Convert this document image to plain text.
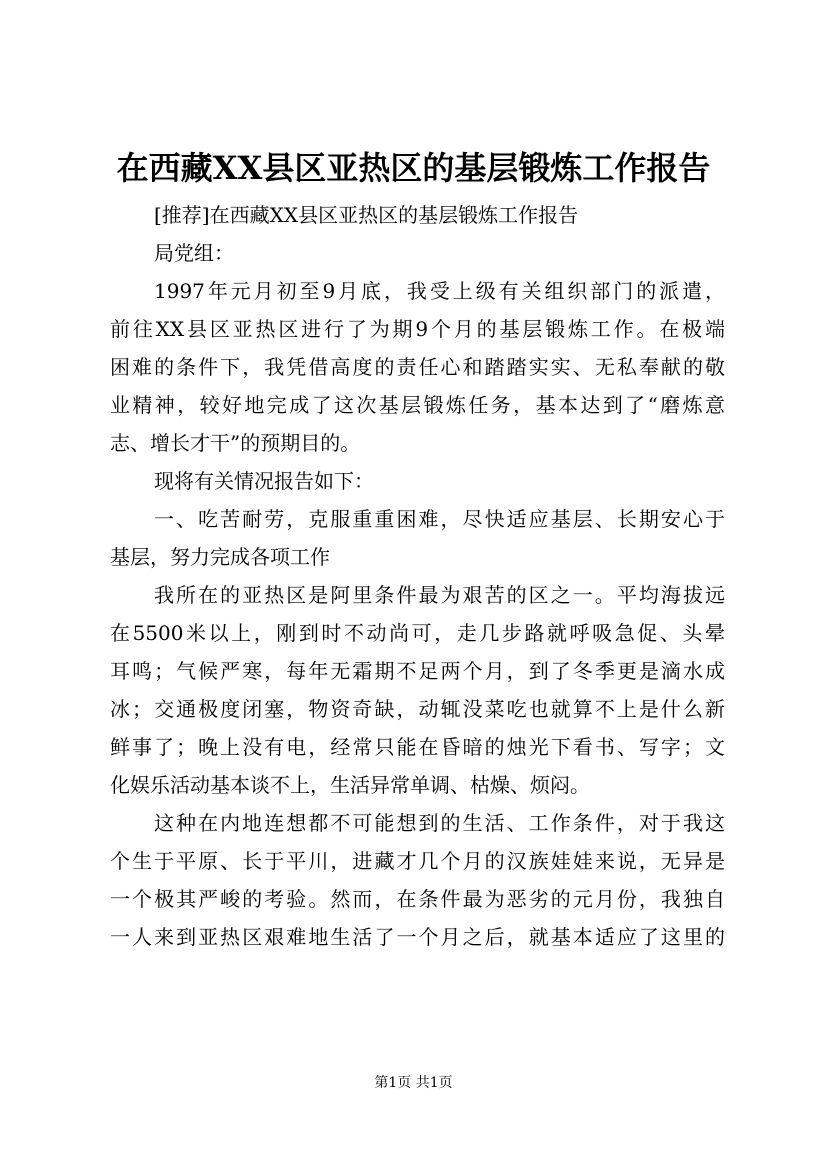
在西藏XX县区亚热区的基层锻炼工作报告
[推荐]在西藏XX县区亚热区的基层锻炼工作报告
局党组：
1997年元月初至9月底，我受上级有关组织部门的派遣，
前往XX县区亚热区进行了为期9个月的基层锻炼工作。在极端
困难的条件下，我凭借高度的责任心和踏踏实实、无私奉献的敬
业精神，较好地完成了这次基层锻炼任务，基本达到了“磨炼意
志、增长才干”的预期目的。
现将有关情况报告如下：
一、吃苦耐劳，克服重重困难，尽快适应基层、长期安心于
基层，努力完成各项工作
我所在的亚热区是阿里条件最为艰苦的区之一。平均海拔远
在5500米以上，刚到时不动尚可，走几步路就呼吸急促、头晕
耳鸣；气候严寒，每年无霜期不足两个月，到了冬季更是滴水成
冰；交通极度闭塞，物资奇缺，动辄没菜吃也就算不上是什么新
鲜事了；晚上没有电，经常只能在昏暗的烛光下看书、写字；文
化娱乐活动基本谈不上，生活异常单调、枯燥、烦闷。
这种在内地连想都不可能想到的生活、工作条件，对于我这
个生于平原、长于平川，进藏才几个月的汉族娃娃来说，无异是
一个极其严峻的考验。然而，在条件最为恶劣的元月份，我独自
一人来到亚热区艰难地生活了一个月之后，就基本适应了这里的
第1页 共1页
